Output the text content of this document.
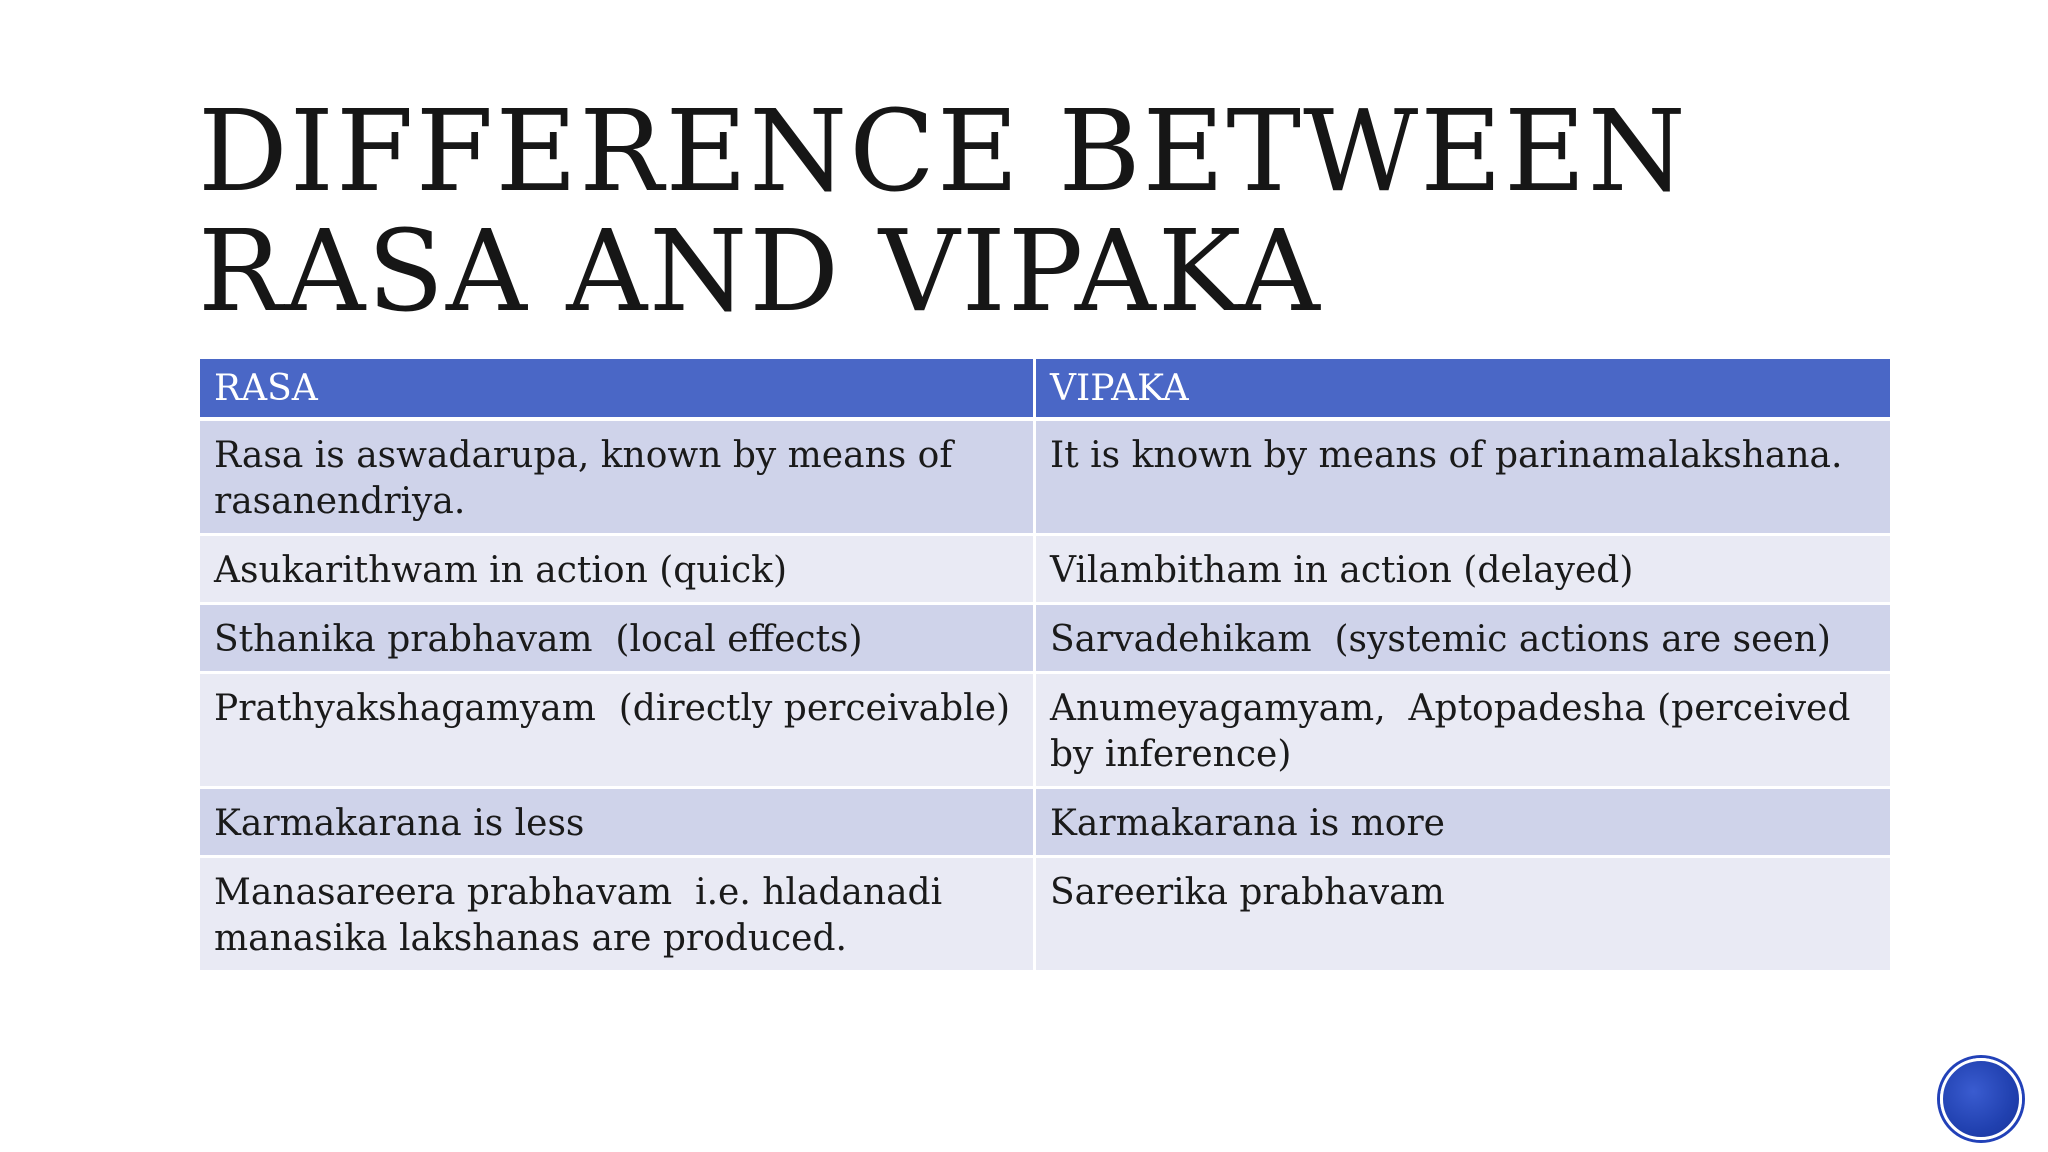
DIFFERENCE BETWEEN
RASA AND VIPAKA
RASA	VIPAKA
Rasa is aswadarupa, known by means of rasanendriya.	It is known by means of parinamalakshana.
Asukarithwam in action (quick)	Vilambitham in action (delayed)
Sthanika prabhavam  (local effects)	Sarvadehikam  (systemic actions are seen)
Prathyakshagamyam  (directly perceivable)	Anumeyagamyam,  Aptopadesha (perceived by inference)
Karmakarana is less	Karmakarana is more
Manasareera prabhavam  i.e. hladanadi manasika lakshanas are produced.	Sareerika prabhavam
